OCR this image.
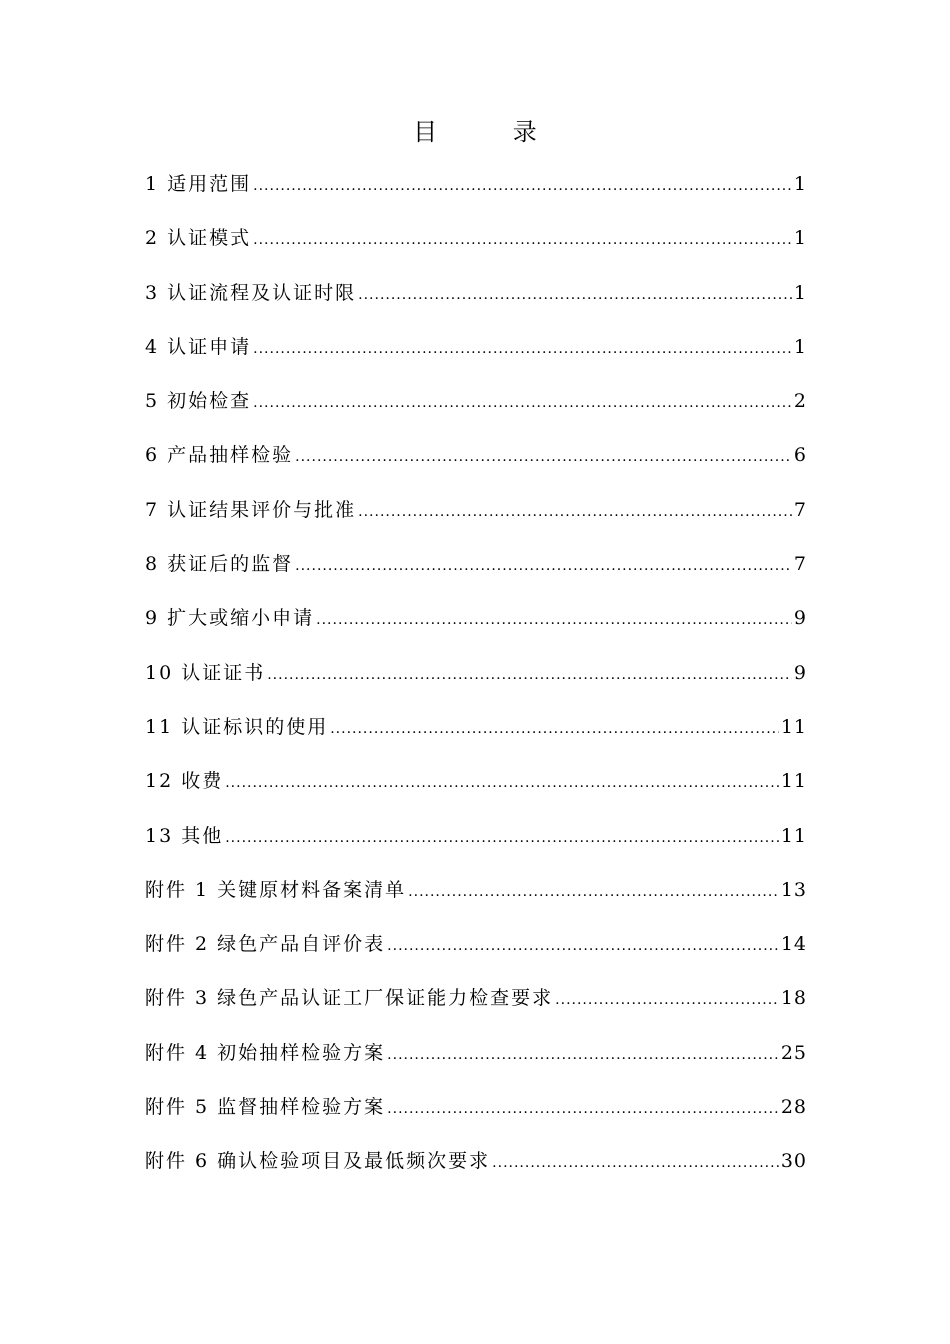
目 录
1 适用范围 .....	1
2 认证模式 .....	1
3 认证流程及认证时限 .....	1
4 认证申请 .....	1
5 初始检查 .....	2
6 产品抽样检验 .....	6
7 认证结果评价与批准 .....	7
8 获证后的监督 .....	7
9 扩大或缩小申请 .....	9
10 认证证书 .....	9
11 认证标识的使用 .....	11
12 收费 .....	11
13 其他 .....	11
附件 1 关键原材料备案清单 .....	13
附件 2 绿色产品自评价表 .....	14
附件 3 绿色产品认证工厂保证能力检查要求 .....	18
附件 4 初始抽样检验方案 .....	25
附件 5 监督抽样检验方案 .....	28
附件 6 确认检验项目及最低频次要求 .....	30
